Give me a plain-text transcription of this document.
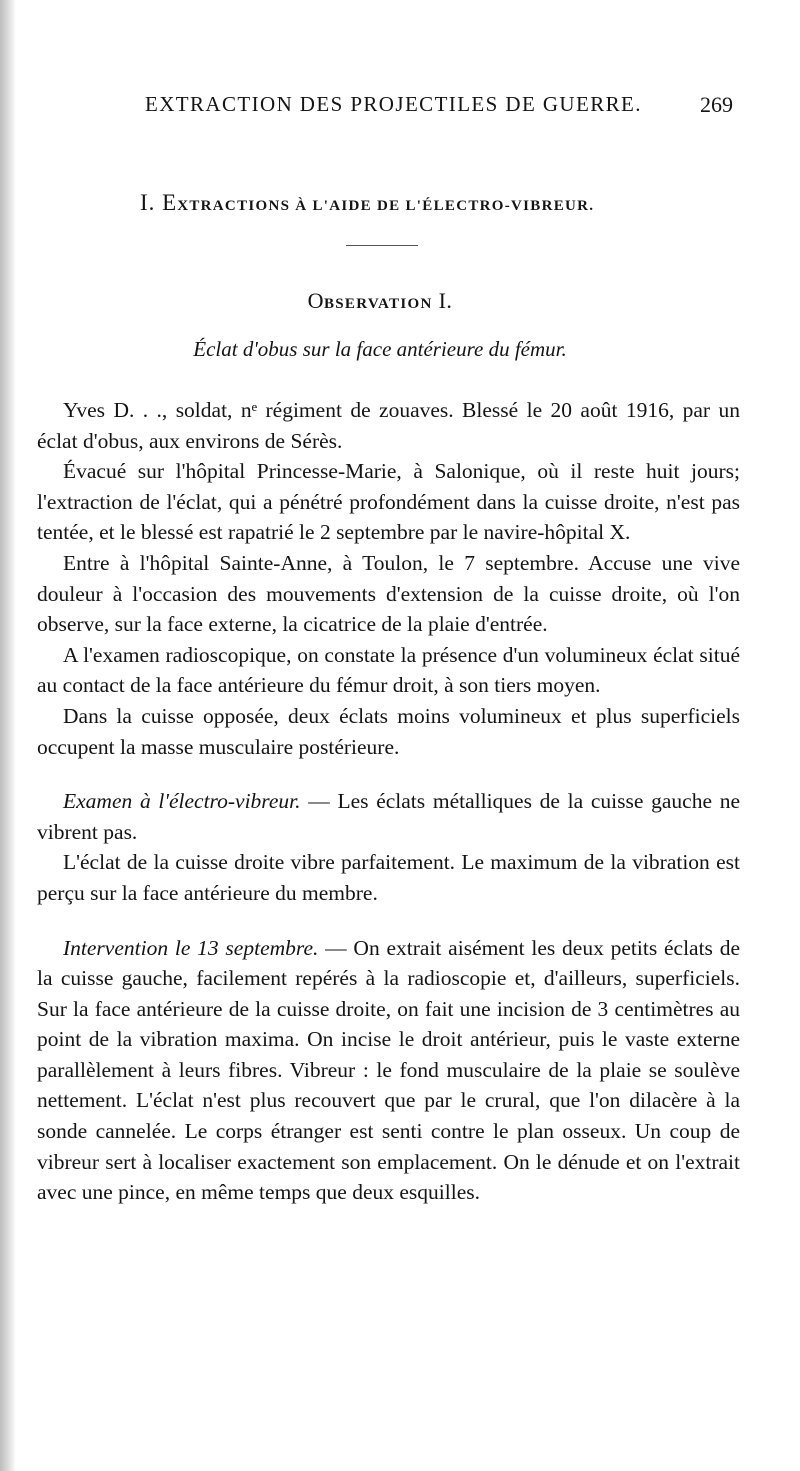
EXTRACTION DES PROJECTILES DE GUERRE.	269
I. EXTRACTIONS À L'AIDE DE L'ÉLECTRO-VIBREUR.
OBSERVATION I.
Éclat d'obus sur la face antérieure du fémur.

Yves D. . ., soldat, nᵉ régiment de zouaves. Blessé le 20 août 1916, par un éclat d'obus, aux environs de Sérès.

Évacué sur l'hôpital Princesse-Marie, à Salonique, où il reste huit jours; l'extraction de l'éclat, qui a pénétré profondément dans la cuisse droite, n'est pas tentée, et le blessé est rapatrié le 2 septembre par le navire-hôpital X.

Entre à l'hôpital Sainte-Anne, à Toulon, le 7 septembre. Accuse une vive douleur à l'occasion des mouvements d'extension de la cuisse droite, où l'on observe, sur la face externe, la cicatrice de la plaie d'entrée.

A l'examen radioscopique, on constate la présence d'un volumineux éclat situé au contact de la face antérieure du fémur droit, à son tiers moyen.

Dans la cuisse opposée, deux éclats moins volumineux et plus superficiels occupent la masse musculaire postérieure.

Examen à l'électro-vibreur. — Les éclats métalliques de la cuisse gauche ne vibrent pas.

L'éclat de la cuisse droite vibre parfaitement. Le maximum de la vibration est perçu sur la face antérieure du membre.

Intervention le 13 septembre. — On extrait aisément les deux petits éclats de la cuisse gauche, facilement repérés à la radioscopie et, d'ailleurs, superficiels. Sur la face antérieure de la cuisse droite, on fait une incision de 3 centimètres au point de la vibration maxima. On incise le droit antérieur, puis le vaste externe parallèlement à leurs fibres. Vibreur : le fond musculaire de la plaie se soulève nettement. L'éclat n'est plus recouvert que par le crural, que l'on dilacère à la sonde cannelée. Le corps étranger est senti contre le plan osseux. Un coup de vibreur sert à localiser exactement son emplacement. On le dénude et on l'extrait avec une pince, en même temps que deux esquilles.
